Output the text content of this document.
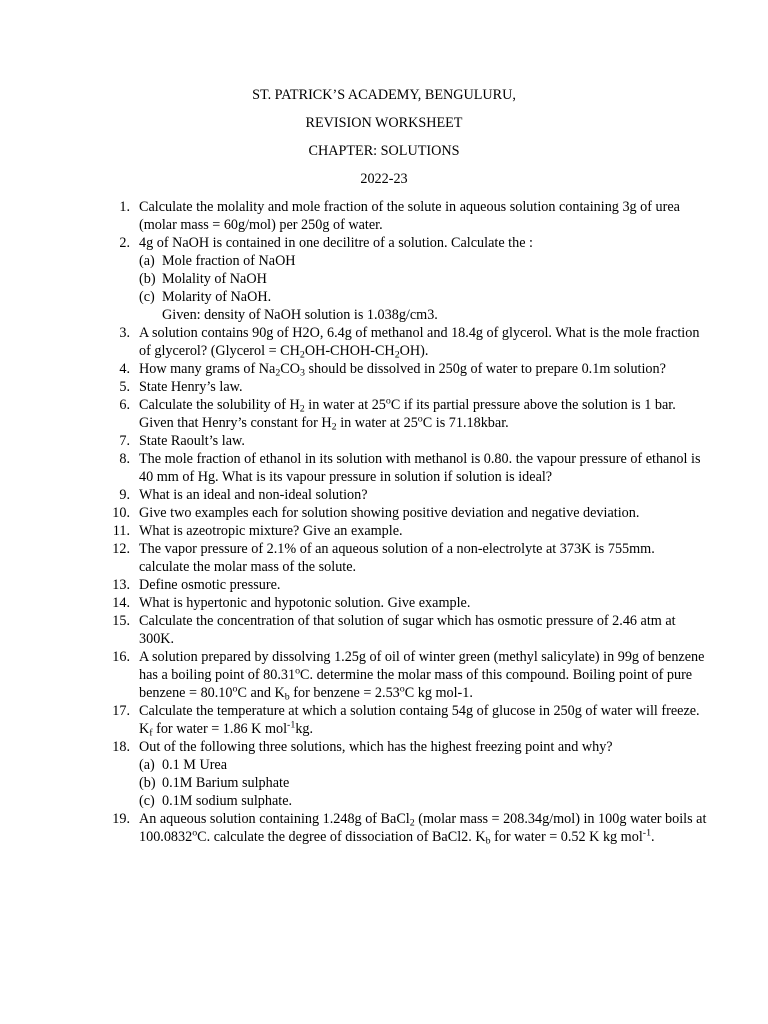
ST. PATRICK’S ACADEMY, BENGULURU,
REVISION WORKSHEET
CHAPTER: SOLUTIONS
2022-23
1. Calculate the molality and mole fraction of the solute in aqueous solution containing 3g of urea (molar mass = 60g/mol) per 250g of water.
2. 4g of NaOH is contained in one decilitre of a solution. Calculate the :
(a) Mole fraction of NaOH
(b) Molality of NaOH
(c) Molarity of NaOH.
Given: density of NaOH solution is 1.038g/cm3.
3. A solution contains 90g of H2O, 6.4g of methanol and 18.4g of glycerol. What is the mole fraction of glycerol? (Glycerol = $CH_2OH-CHOH-CH_2OH$).
4. How many grams of $Na_2CO_3$ should be dissolved in 250g of water to prepare 0.1m solution?
5. State Henry’s law.
6. Calculate the solubility of $H_2$ in water at 25$^o$C if its partial pressure above the solution is 1 bar. Given that Henry’s constant for $H_2$ in water at 25$^o$C is 71.18kbar.
7. State Raoult’s law.
8. The mole fraction of ethanol in its solution with methanol is 0.80. the vapour pressure of ethanol is 40 mm of Hg. What is its vapour pressure in solution if solution is ideal?
9. What is an ideal and non-ideal solution?
10. Give two examples each for solution showing positive deviation and negative deviation.
11. What is azeotropic mixture? Give an example.
12. The vapor pressure of 2.1% of an aqueous solution of a non-electrolyte at 373K is 755mm. calculate the molar mass of the solute.
13. Define osmotic pressure.
14. What is hypertonic and hypotonic solution. Give example.
15. Calculate the concentration of that solution of sugar which has osmotic pressure of 2.46 atm at 300K.
16. A solution prepared by dissolving 1.25g of oil of winter green (methyl salicylate) in 99g of benzene has a boiling point of 80.31$^o$C. determine the molar mass of this compound. Boiling point of pure benzene = $80.10^oC$ and $K_b$ for benzene = $2.53^oC$ kg mol-1.
17. Calculate the temperature at which a solution containg 54g of glucose in 250g of water will freeze. $K_f$ for water = 1.86 K mol$^{-1}$kg.
18. Out of the following three solutions, which has the highest freezing point and why?
(a) 0.1 M Urea
(b) 0.1M Barium sulphate
(c) 0.1M sodium sulphate.
19. An aqueous solution containing 1.248g of BaCl$_2$ (molar mass = 208.34g/mol) in 100g water boils at 100.0832$^o$C. calculate the degree of dissociation of BaCl2. $K_b$ for water = 0.52 K kg mol$^{-1}$.
